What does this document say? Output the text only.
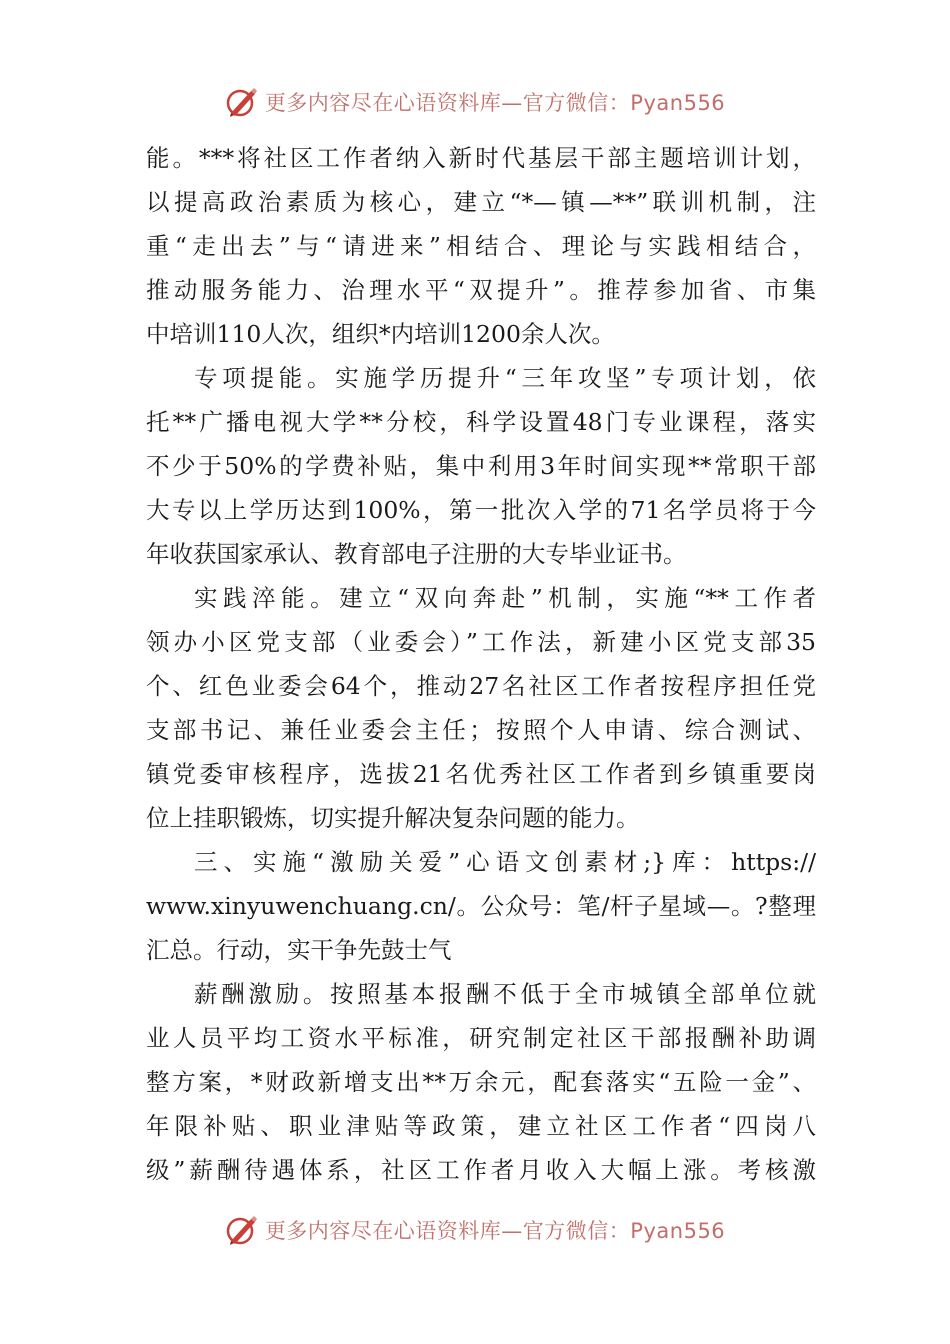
更多内容尽在心语资料库—官方微信：Pyan556
能。***将社区工作者纳入新时代基层干部主题培训计划，
以提高政治素质为核心，建立“*—镇—**”联训机制，注
重“走出去”与“请进来”相结合、理论与实践相结合，
推动服务能力、治理水平“双提升”。推荐参加省、市集
中培训110人次，组织*内培训1200余人次。
专项提能。实施学历提升“三年攻坚”专项计划，依
托**广播电视大学**分校，科学设置48门专业课程，落实
不少于50%的学费补贴，集中利用3年时间实现**常职干部
大专以上学历达到100%，第一批次入学的71名学员将于今
年收获国家承认、教育部电子注册的大专毕业证书。
实践淬能。建立“双向奔赴”机制，实施“**工作者
领办小区党支部（业委会）”工作法，新建小区党支部35
个、红色业委会64个，推动27名社区工作者按程序担任党
支部书记、兼任业委会主任；按照个人申请、综合测试、
镇党委审核程序，选拔21名优秀社区工作者到乡镇重要岗
位上挂职锻炼，切实提升解决复杂问题的能力。
三、实施“激励关爱”心语文创素材;}库：https://
www.xinyuwenchuang.cn/。公众号：笔/杆子星域—。?整理
汇总。行动，实干争先鼓士气
薪酬激励。按照基本报酬不低于全市城镇全部单位就
业人员平均工资水平标准，研究制定社区干部报酬补助调
整方案，*财政新增支出**万余元，配套落实“五险一金”、
年限补贴、职业津贴等政策，建立社区工作者“四岗八
级”薪酬待遇体系，社区工作者月收入大幅上涨。考核激
更多内容尽在心语资料库—官方微信：Pyan556
